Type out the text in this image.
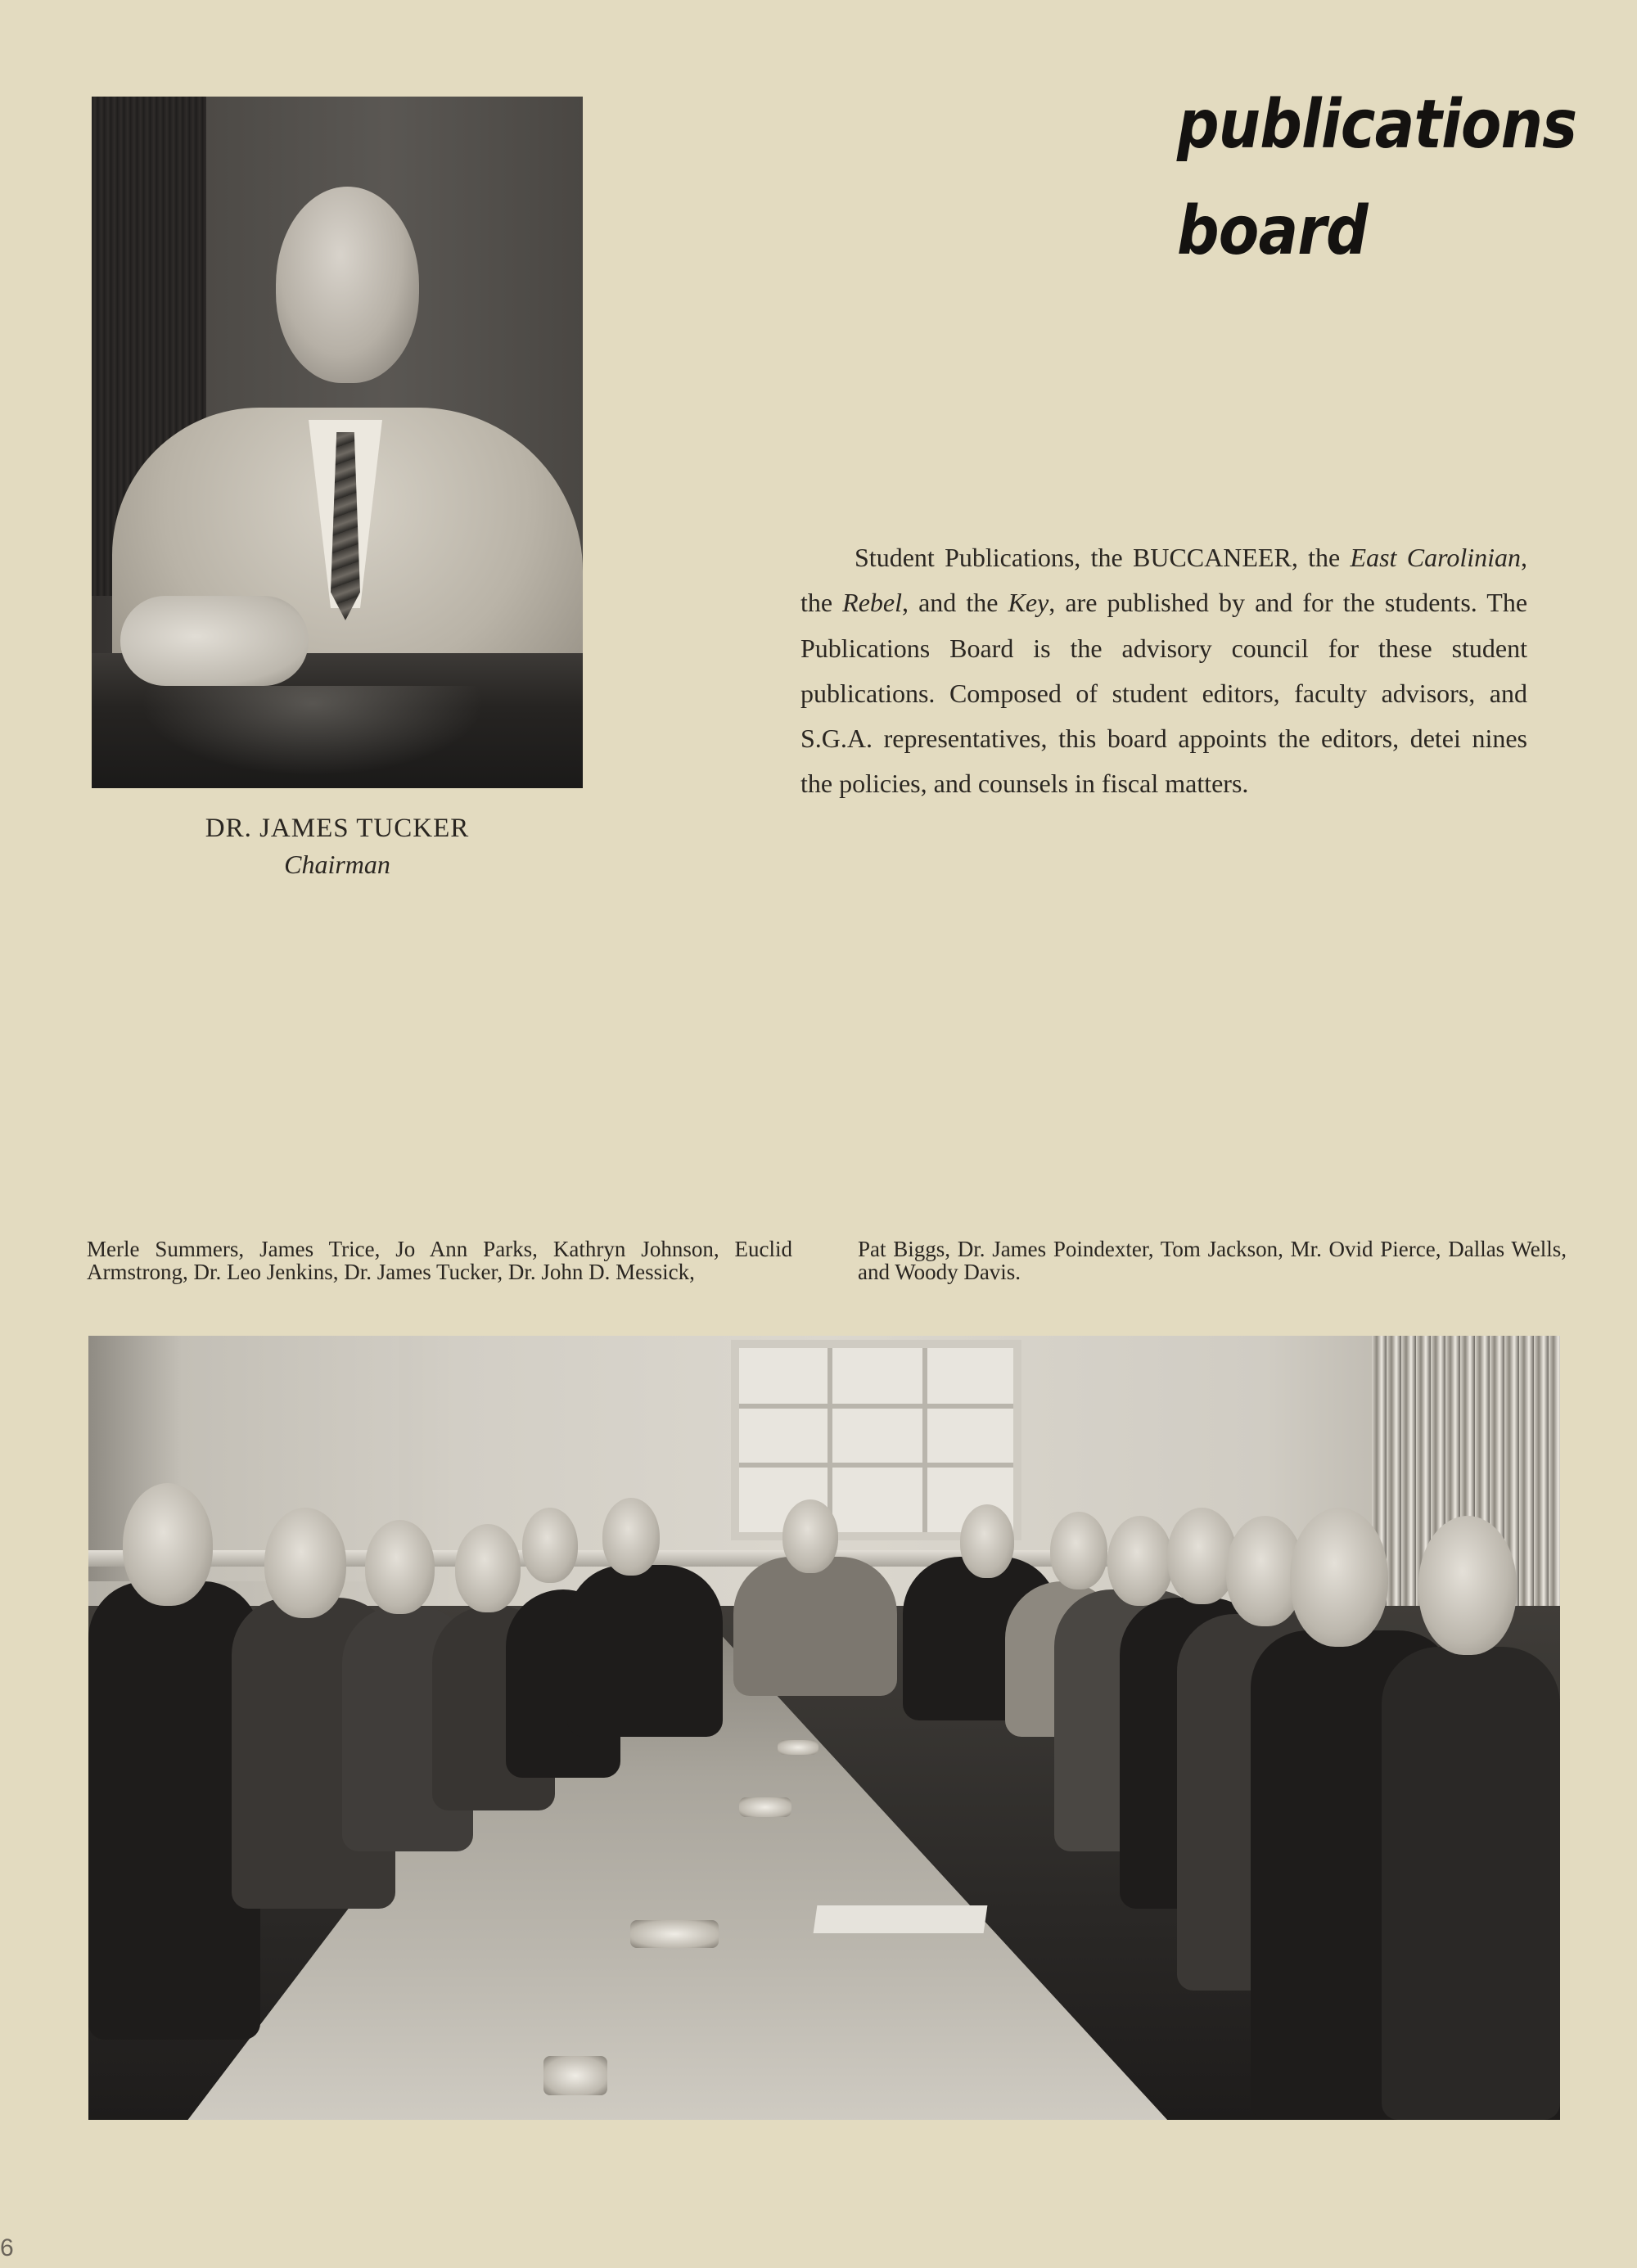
DR. JAMES TUCKER
Chairman
publications
board
Student Publications, the BUCCANEER, the East Carolinian, the Rebel, and the Key, are published by and for the students. The Publications Board is the advisory council for these student publications. Composed of student editors, faculty advisors, and S.G.A. representatives, this board appoints the editors, detei nines the policies, and counsels in fiscal matters.
Merle Summers, James Trice, Jo Ann Parks, Kathryn Johnson, Euclid Armstrong, Dr. Leo Jenkins, Dr. James Tucker, Dr. John D. Messick,
Pat Biggs, Dr. James Poindexter, Tom Jackson, Mr. Ovid Pierce, Dallas Wells, and Woody Davis.
6
